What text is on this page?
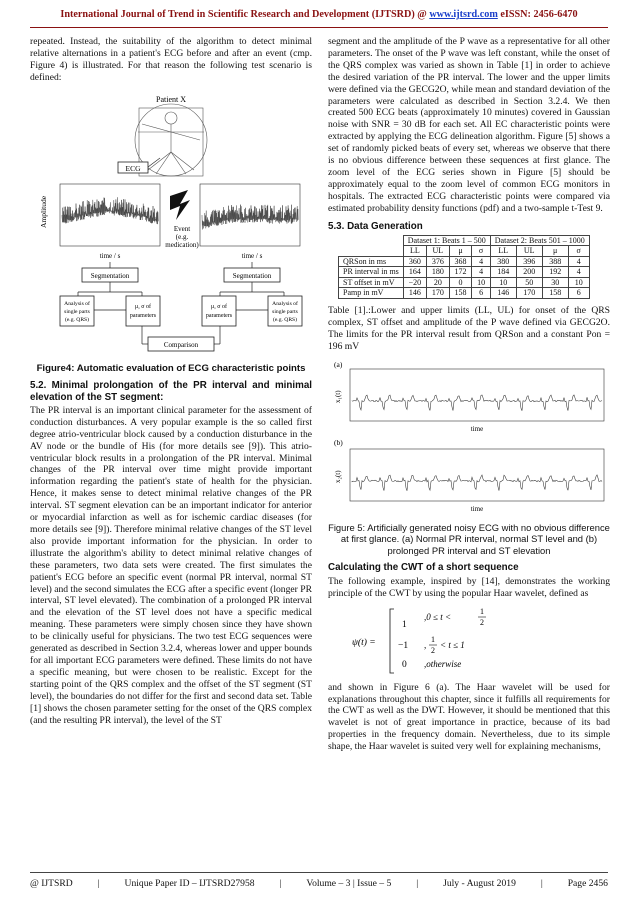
International Journal of Trend in Scientific Research and Development (IJTSRD) @ www.ijtsrd.com eISSN: 2456-6470

repeated. Instead, the suitability of the algorithm to detect minimal relative alternations in a patient's ECG before and after an event (cmp. Figure 4) is illustrated. For that reason the following test scenario is defined:

Patient X
ECG
Amplitude
Event
(e.g.
medication)
time / s	time / s
Segmentation	Segmentation
Analysis of
single parts
(e.g. QRS)
μ, σ of
parameters
μ, σ of
parameters
Analysis of
single parts
(e.g. QRS)
Comparison
Figure4: Automatic evaluation of ECG characteristic points
5.2. Minimal prolongation of the PR interval and minimal elevation of the ST segment:

The PR interval is an important clinical parameter for the assessment of conduction disturbances. A very popular example is the so called first degree atrio-ventricular block caused by a conduction disturbance in the AV node or the bundle of His (for more details see [9]). This atrio-ventricular block results in a prolongation of the PR interval. Minimal changes of the PR interval over time might provide important information regarding the patient's state of health for the physician. Hence, it makes sense to detect minimal relative changes of the PR interval. ST segment elevation can be an important indicator for anterior or myocardial infarction as well as for ischemic cardiac diseases (for more details see [9]). Therefore minimal relative changes of the ST level also provide important information for the physician. In order to illustrate the algorithm's ability to detect minimal relative changes of these parameters, two data sets were created. The first simulates the patient's ECG before an specific event (normal PR interval, normal ST level) and the second simulates the ECG after a specific event (longer PR interval, ST level elevated). The combination of a prolonged PR interval and the elevation of the ST level does not have a specific medical meaning. These parameters were simply chosen since they have shown to be clinically useful for physicians. The two test ECG sequences were generated as described in Section 3.2.4, whereas lower and upper bounds for all important ECG parameters were defined. These limits do not have a specific meaning, but were chosen to be realistic. Except for the starting point of the QRS complex and the offset of the ST segment (ST level), the boundaries do not differ for the first and second data set. Table [1] shows the chosen parameter setting for the onset of the QRS complex (and the resulting PR interval), the level of the ST

segment and the amplitude of the P wave as a representative for all other parameters. The onset of the P wave was left constant, while the onset of the QRS complex was varied as shown in Table [1] in order to achieve the desired variation of the PR interval. The lower and the upper limits were defined via the GECG2O, while mean and standard deviation of the parameters were calculated as described in Section 3.2.4. We then created 500 ECG beats (approximately 10 minutes) covered in Gaussian noise with SNR = 30 dB for each set. All EC characteristic points were extracted by applying the ECG delineation algorithm. Figure [5] shows a set of randomly picked beats of every set, whereas we observe that there is no obvious difference between these sequences at first glance. The zoom level of the ECG series shown in Figure [5] should be approximately equal to the zoom level of common ECG monitors in hospitals. The extracted ECG characteristic points were compared via estimated probability density functions (pdf) and a two-sample t-Test 9.

5.3. Data Generation
	Dataset 1: Beats 1 – 500				Dataset 2: Beats 501 – 1000			
	LL	UL	μ	σ	LL	UL	μ	σ
QRSon in ms	360	376	368	4	380	396	388	4
PR interval in ms	164	180	172	4	184	200	192	4
ST offset in mV	−20	20	0	10	10	50	30	10
Pamp in mV	146	170	158	6	146	170	158	6

Table [1].:Lower and upper limits (LL, UL) for onset of the QRS complex, ST offset and amplitude of the P wave defined via GECG2O. The limits for the PR interval result from QRSon and a constant Pon = 196 mV

(a)
x₁(t)
time
(b)
x₂(t)
time
Figure 5: Artificially generated noisy ECG with no obvious difference at first glance. (a) Normal PR interval, normal ST level and (b) prolonged PR interval and ST elevation
Calculating the CWT of a short sequence

The following example, inspired by [14], demonstrates the working principle of the CWT by using the popular Haar wavelet, defined as

ψ(t) =
1
−1
0
,0 ≤ t <
1
2
,
1
2
< t ≤ 1
,otherwise

and shown in Figure 6 (a). The Haar wavelet will be used for explanations throughout this chapter, since it fulfills all requirements for the CWT as well as the DWT. However, it should be mentioned that this wavelet is not of great importance in practice, because of its bad properties in the frequency domain. Nevertheless, due to its simple shape, the Haar wavelet is suited very well for explaining mechanisms,

@ IJTSRD	|	Unique Paper ID – IJTSRD27958	|	Volume – 3 | Issue – 5	|	July - August 2019	|	Page 2456
